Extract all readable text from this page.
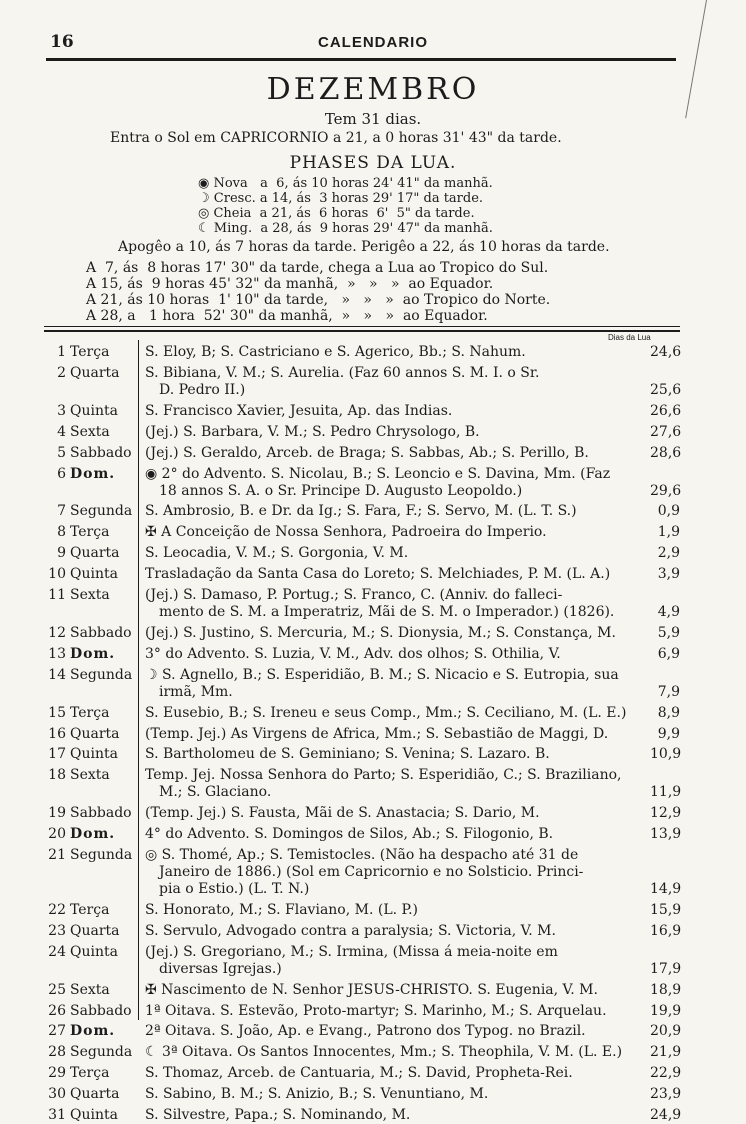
16	CALENDARIO
DEZEMBRO
Tem 31 dias.
Entra o Sol em CAPRICORNIO a 21, a 0 horas 31' 43" da tarde.
PHASES DA LUA.
◉ Nova   a  6, ás 10 horas 24' 41" da manhã.
☽ Cresc. a 14, ás  3 horas 29' 17" da tarde.
◎ Cheia  a 21, ás  6 horas  6'  5" da tarde.
☾ Ming.  a 28, ás  9 horas 29' 47" da manhã.
Apogêo a 10, ás 7 horas da tarde. Perigêo a 22, ás 10 horas da tarde.
A  7, ás  8 horas 17' 30" da tarde, chega a Lua ao Tropico do Sul.
A 15, ás  9 horas 45' 32" da manhã,  »   »   »  ao Equador.
A 21, ás 10 horas  1' 10" da tarde,   »   »   »  ao Tropico do Norte.
A 28, a   1 hora  52' 30" da manhã,  »   »   »  ao Equador.
Dias da Lua
1 Terça	S. Eloy, B; S. Castriciano e S. Agerico, Bb.; S. Nahum.	24,6
2 Quarta S. Bibiana, V. M.; S. Aurelia. (Faz 60 annos S. M. I. o Sr.
D. Pedro II.)	25,6
3 Quinta S. Francisco Xavier, Jesuita, Ap. das Indias.	26,6
4 Sexta	(Jej.) S. Barbara, V. M.; S. Pedro Chrysologo, B.	27,6
5 Sabbado (Jej.) S. Geraldo, Arceb. de Braga; S. Sabbas, Ab.; S. Perillo, B.	28,6
6 Dom. ◉ 2° do Advento. S. Nicolau, B.; S. Leoncio e S. Davina, Mm. (Faz
18 annos S. A. o Sr. Principe D. Augusto Leopoldo.)	29,6
7 Segunda S. Ambrosio, B. e Dr. da Ig.; S. Fara, F.; S. Servo, M. (L. T. S.)	0,9
8 Terça	✠ A Conceição de Nossa Senhora, Padroeira do Imperio.	1,9
9 Quarta S. Leocadia, V. M.; S. Gorgonia, V. M.	2,9
10 Quinta Trasladação da Santa Casa do Loreto; S. Melchiades, P. M. (L. A.)	3,9
11 Sexta	(Jej.) S. Damaso, P. Portug.; S. Franco, C. (Anniv. do falleci-
mento de S. M. a Imperatriz, Mãi de S. M. o Imperador.) (1826).	4,9
12 Sabbado (Jej.) S. Justino, S. Mercuria, M.; S. Dionysia, M.; S. Constança, M.	5,9
13 Dom. 3° do Advento. S. Luzia, V. M., Adv. dos olhos; S. Othilia, V.	6,9
14 Segunda ☽ S. Agnello, B.; S. Esperidião, B. M.; S. Nicacio e S. Eutropia, sua
irmã, Mm.	7,9
15 Terça	S. Eusebio, B.; S. Ireneu e seus Comp., Mm.; S. Ceciliano, M. (L. E.)	8,9
16 Quarta (Temp. Jej.) As Virgens de Africa, Mm.; S. Sebastião de Maggi, D.	9,9
17 Quinta S. Bartholomeu de S. Geminiano; S. Venina; S. Lazaro. B.	10,9
18 Sexta	Temp. Jej. Nossa Senhora do Parto; S. Esperidião, C.; S. Braziliano,
M.; S. Glaciano.	11,9
19 Sabbado (Temp. Jej.) S. Fausta, Mãi de S. Anastacia; S. Dario, M.	12,9
20 Dom. 4° do Advento. S. Domingos de Silos, Ab.; S. Filogonio, B.	13,9
21 Segunda ◎ S. Thomé, Ap.; S. Temistocles. (Não ha despacho até 31 de
Janeiro de 1886.) (Sol em Capricornio e no Solsticio. Princi-
pia o Estio.) (L. T. N.)	14,9
22 Terça	S. Honorato, M.; S. Flaviano, M. (L. P.)	15,9
23 Quarta S. Servulo, Advogado contra a paralysia; S. Victoria, V. M.	16,9
24 Quinta (Jej.) S. Gregoriano, M.; S. Irmina, (Missa á meia-noite em
diversas Igrejas.)	17,9
25 Sexta	✠ Nascimento de N. Senhor JESUS-CHRISTO. S. Eugenia, V. M.	18,9
26 Sabbado 1ª Oitava. S. Estevão, Proto-martyr; S. Marinho, M.; S. Arquelau.	19,9
27 Dom. 2ª Oitava. S. João, Ap. e Evang., Patrono dos Typog. no Brazil.	20,9
28 Segunda ☾ 3ª Oitava. Os Santos Innocentes, Mm.; S. Theophila, V. M. (L. E.)	21,9
29 Terça	S. Thomaz, Arceb. de Cantuaria, M.; S. David, Propheta-Rei.	22,9
30 Quarta S. Sabino, B. M.; S. Anizio, B.; S. Venuntiano, M.	23,9
31 Quinta S. Silvestre, Papa.; S. Nominando, M.	24,9
